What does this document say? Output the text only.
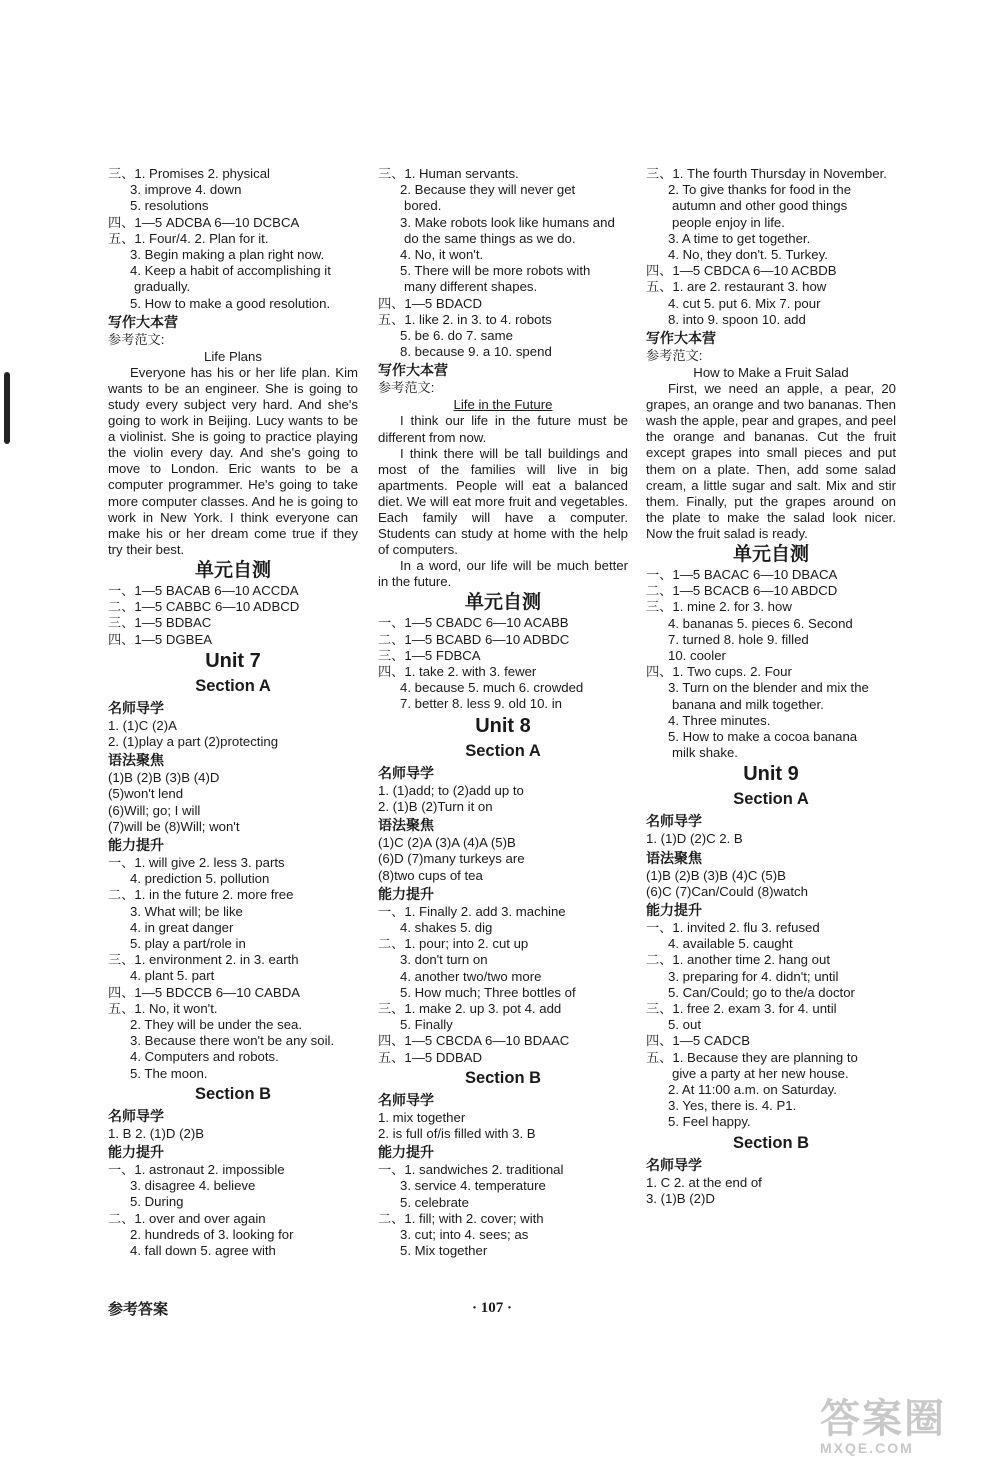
三、1. Promises 2. physical
3. improve 4. down
5. resolutions
四、1—5 ADCBA 6—10 DCBCA
五、1. Four/4. 2. Plan for it.
3. Begin making a plan right now.
4. Keep a habit of accomplishing it
gradually.
5. How to make a good resolution.
写作大本营
参考范文:
Life Plans
Everyone has his or her life plan. Kim wants to be an engineer. She is going to study every subject very hard. And she's going to work in Beijing. Lucy wants to be a violinist. She is going to practice playing the violin every day. And she's going to move to London. Eric wants to be a computer programmer. He's going to take more computer classes. And he is going to work in New York. I think everyone can make his or her dream come true if they try their best.
单元自测
一、1—5 BACAB 6—10 ACCDA
二、1—5 CABBC 6—10 ADBCD
三、1—5 BDBAC
四、1—5 DGBEA
Unit 7
Section A
名师导学
1. (1)C (2)A
2. (1)play a part (2)protecting
语法聚焦
(1)B (2)B (3)B (4)D
(5)won't lend
(6)Will; go; I will
(7)will be (8)Will; won't
能力提升
一、1. will give 2. less 3. parts
4. prediction 5. pollution
二、1. in the future 2. more free
3. What will; be like
4. in great danger
5. play a part/role in
三、1. environment 2. in 3. earth
4. plant 5. part
四、1—5 BDCCB 6—10 CABDA
五、1. No, it won't.
2. They will be under the sea.
3. Because there won't be any soil.
4. Computers and robots.
5. The moon.
Section B
名师导学
1. B 2. (1)D (2)B
能力提升
一、1. astronaut 2. impossible
3. disagree 4. believe
5. During
二、1. over and over again
2. hundreds of 3. looking for
4. fall down 5. agree with
三、1. Human servants.
2. Because they will never get
bored.
3. Make robots look like humans and
do the same things as we do.
4. No, it won't.
5. There will be more robots with
many different shapes.
四、1—5 BDACD
五、1. like 2. in 3. to 4. robots
5. be 6. do 7. same
8. because 9. a 10. spend
写作大本营
参考范文:
Life in the Future
I think our life in the future must be different from now.
I think there will be tall buildings and most of the families will live in big apartments. People will eat a balanced diet. We will eat more fruit and vegetables. Each family will have a computer. Students can study at home with the help of computers.
In a word, our life will be much better in the future.
单元自测
一、1—5 CBADC 6—10 ACABB
二、1—5 BCABD 6—10 ADBDC
三、1—5 FDBCA
四、1. take 2. with 3. fewer
4. because 5. much 6. crowded
7. better 8. less 9. old 10. in
Unit 8
Section A
名师导学
1. (1)add; to (2)add up to
2. (1)B (2)Turn it on
语法聚焦
(1)C (2)A (3)A (4)A (5)B
(6)D (7)many turkeys are
(8)two cups of tea
能力提升
一、1. Finally 2. add 3. machine
4. shakes 5. dig
二、1. pour; into 2. cut up
3. don't turn on
4. another two/two more
5. How much; Three bottles of
三、1. make 2. up 3. pot 4. add
5. Finally
四、1—5 CBCDA 6—10 BDAAC
五、1—5 DDBAD
Section B
名师导学
1. mix together
2. is full of/is filled with 3. B
能力提升
一、1. sandwiches 2. traditional
3. service 4. temperature
5. celebrate
二、1. fill; with 2. cover; with
3. cut; into 4. sees; as
5. Mix together
三、1. The fourth Thursday in November.
2. To give thanks for food in the
autumn and other good things
people enjoy in life.
3. A time to get together.
4. No, they don't. 5. Turkey.
四、1—5 CBDCA 6—10 ACBDB
五、1. are 2. restaurant 3. how
4. cut 5. put 6. Mix 7. pour
8. into 9. spoon 10. add
写作大本营
参考范文:
How to Make a Fruit Salad
First, we need an apple, a pear, 20 grapes, an orange and two bananas. Then wash the apple, pear and grapes, and peel the orange and bananas. Cut the fruit except grapes into small pieces and put them on a plate. Then, add some salad cream, a little sugar and salt. Mix and stir them. Finally, put the grapes around on the plate to make the salad look nicer. Now the fruit salad is ready.
单元自测
一、1—5 BACAC 6—10 DBACA
二、1—5 BCACB 6—10 ABDCD
三、1. mine 2. for 3. how
4. bananas 5. pieces 6. Second
7. turned 8. hole 9. filled
10. cooler
四、1. Two cups. 2. Four
3. Turn on the blender and mix the
banana and milk together.
4. Three minutes.
5. How to make a cocoa banana
milk shake.
Unit 9
Section A
名师导学
1. (1)D (2)C 2. B
语法聚焦
(1)B (2)B (3)B (4)C (5)B
(6)C (7)Can/Could (8)watch
能力提升
一、1. invited 2. flu 3. refused
4. available 5. caught
二、1. another time 2. hang out
3. preparing for 4. didn't; until
5. Can/Could; go to the/a doctor
三、1. free 2. exam 3. for 4. until
5. out
四、1—5 CADCB
五、1. Because they are planning to
give a party at her new house.
2. At 11:00 a.m. on Saturday.
3. Yes, there is. 4. P1.
5. Feel happy.
Section B
名师导学
1. C 2. at the end of
3. (1)B (2)D
参考答案	· 107 ·
答案圈
MXQE.COM
